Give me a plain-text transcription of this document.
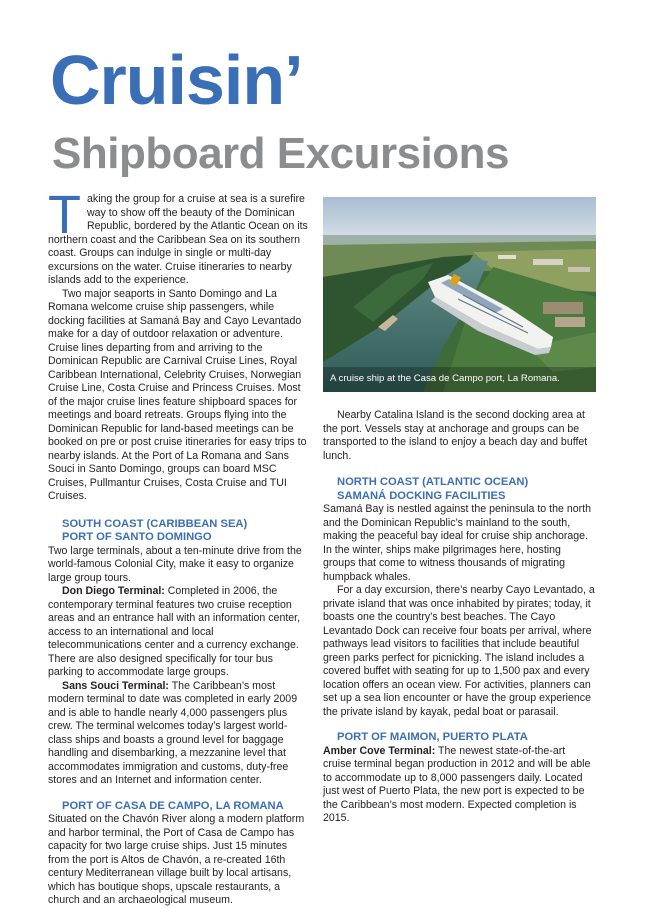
Cruisin’
Shipboard Excursions

Taking the group for a cruise at sea is a surefire way to show off the beauty of the Dominican Republic, bordered by the Atlantic Ocean on its northern coast and the Caribbean Sea on its southern coast. Groups can indulge in single or multi-day excursions on the water. Cruise itineraries to nearby islands add to the experience.

Two major seaports in Santo Domingo and La Romana welcome cruise ship passengers, while docking facilities at Samaná Bay and Cayo Levantado make for a day of outdoor relaxation or adventure. Cruise lines departing from and arriving to the Dominican Republic are Carnival Cruise Lines, Royal Caribbean International, Celebrity Cruises, Norwegian Cruise Line, Costa Cruise and Princess Cruises. Most of the major cruise lines feature shipboard spaces for meetings and board retreats. Groups flying into the Dominican Republic for land-based meetings can be booked on pre or post cruise itineraries for easy trips to nearby islands. At the Port of La Romana and Sans Souci in Santo Domingo, groups can board MSC Cruises, Pullmantur Cruises, Costa Cruise and TUI Cruises.

SOUTH COAST (CARIBBEAN SEA)

PORT OF SANTO DOMINGO

Two large terminals, about a ten-minute drive from the world-famous Colonial City, make it easy to organize large group tours.

Don Diego Terminal: Completed in 2006, the contemporary terminal features two cruise reception areas and an entrance hall with an information center, access to an international and local telecommunications center and a currency exchange. There are also designed specifically for tour bus parking to accommodate large groups.

Sans Souci Terminal: The Caribbean’s most modern terminal to date was completed in early 2009 and is able to handle nearly 4,000 passengers plus crew. The terminal welcomes today’s largest world-class ships and boasts a ground level for baggage handling and disembarking, a mezzanine level that accommodates immigration and customs, duty-free stores and an Internet and information center.

PORT OF CASA DE CAMPO, LA ROMANA

Situated on the Chavón River along a modern platform and harbor terminal, the Port of Casa de Campo has capacity for two large cruise ships. Just 15 minutes from the port is Altos de Chavón, a re-created 16th century Mediterranean village built by local artisans, which has boutique shops, upscale restaurants, a church and an archaeological museum.

A cruise ship at the Casa de Campo port, La Romana.

Nearby Catalina Island is the second docking area at the port. Vessels stay at anchorage and groups can be transported to the island to enjoy a beach day and buffet lunch.

NORTH COAST (ATLANTIC OCEAN)

SAMANÁ DOCKING FACILITIES

Samaná Bay is nestled against the peninsula to the north and the Dominican Republic’s mainland to the south, making the peaceful bay ideal for cruise ship anchorage. In the winter, ships make pilgrimages here, hosting groups that come to witness thousands of migrating humpback whales.

For a day excursion, there’s nearby Cayo Levantado, a private island that was once inhabited by pirates; today, it boasts one the country’s best beaches. The Cayo Levantado Dock can receive four boats per arrival, where pathways lead visitors to facilities that include beautiful green parks perfect for picnicking. The island includes a covered buffet with seating for up to 1,500 pax and every location offers an ocean view. For activities, planners can set up a sea lion encounter or have the group experience the private island by kayak, pedal boat or parasail.

PORT OF MAIMON, PUERTO PLATA

Amber Cove Terminal: The newest state-of-the-art cruise terminal began production in 2012 and will be able to accommodate up to 8,000 passengers daily. Located just west of Puerto Plata, the new port is expected to be the Caribbean’s most modern. Expected completion is 2015.
